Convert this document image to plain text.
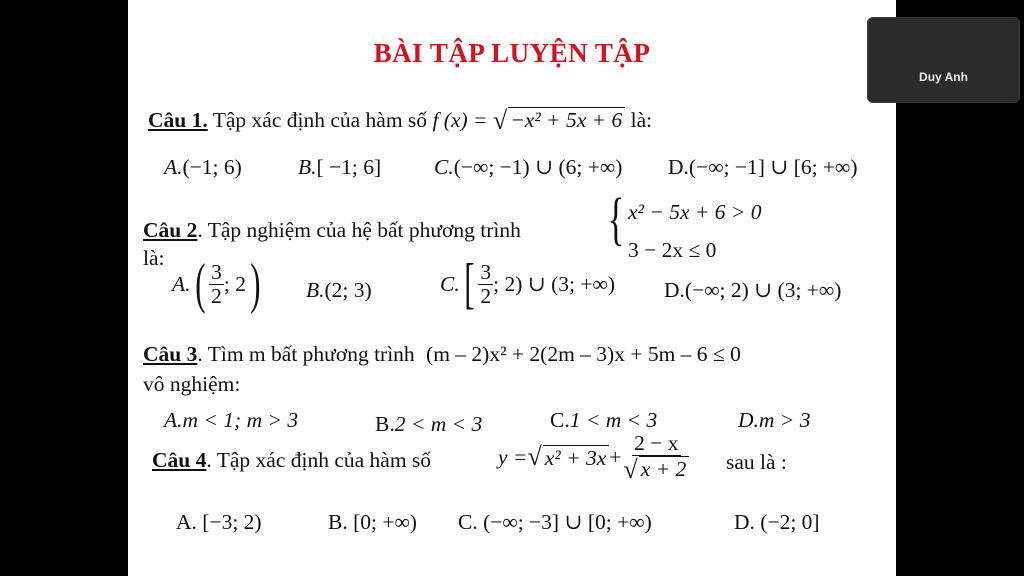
BÀI TẬP LUYỆN TẬP
Câu 1. Tập xác định của hàm số f (x) = √ −x² + 5x + 6 là:
A.(−1; 6)	B.[ −1; 6] C.(−∞; −1) ∪ (6; +∞) D.(−∞; −1] ∪ [6; +∞)
Câu 2. Tập nghiệm của hệ bất phương trình
là:
{ x² − 5x + 6 > 0
3 − 2x ≤ 0
A. ( $\frac{3}{2}$ ; 2 ) B.(2; 3)	C. [ $\frac{3}{2}$ ; 2) ∪ (3; +∞) D.(−∞; 2) ∪ (3; +∞)
Câu 3. Tìm m bất phương trình (m – 2)x² + 2(2m – 3)x + 5m – 6 ≤ 0
vô nghiệm:
A.m < 1; m > 3	B.2 < m < 3	C.1 < m < 3	D.m > 3
Câu 4. Tập xác định của hàm số	y = √ $x^2 + 3x + \frac{2 - x}{√ x + 2}$ sau là :
A. [−3; 2)	B. [0; +∞) C. (−∞; −3] ∪ [0; +∞)	D. (−2; 0]
Duy Anh
